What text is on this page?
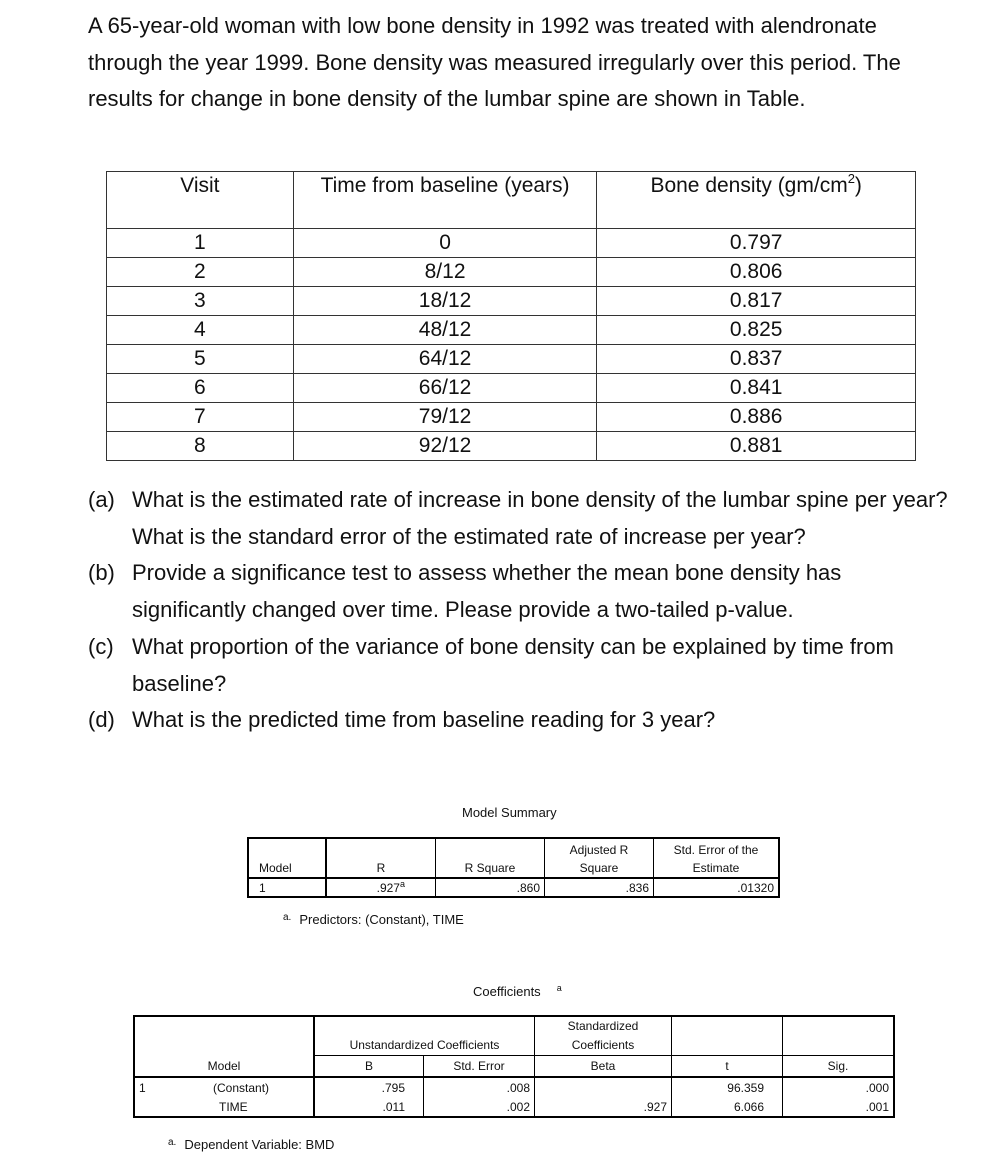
A 65-year-old woman with low bone density in 1992 was treated with alendronate through the year 1999. Bone density was measured irregularly over this period. The results for change in bone density of the lumbar spine are shown in Table.

Visit	Time from baseline (years)	Bone density $(gm/cm^2)$
1	0	0.797
2	8/12	0.806
3	18/12	0.817
4	48/12	0.825
5	64/12	0.837
6	66/12	0.841
7	79/12	0.886
8	92/12	0.881
(a) What is the estimated rate of increase in bone density of the lumbar spine per year? What is the standard error of the estimated rate of increase per year?
(b) Provide a significance test to assess whether the mean bone density has significantly changed over time. Please provide a two-tailed p-value.
(c) What proportion of the variance of bone density can be explained by time from baseline?
(d) What is the predicted time from baseline reading for 3 year?
Model Summary
Model	R	R Square	Adjusted R Square	Std. Error of the Estimate
1	.927$^a$	.860	.836	.01320
$^{a.}$ Predictors: (Constant), TIME
Coefficients $^a$
	Unstandardized Coefficients		Standardized Coefficients		
Model	B	Std. Error	Beta	t	Sig.
1 (Constant)	.795	.008		96.359	.000
TIME	.011	.002	.927	6.066	.001
$^{a.}$ Dependent Variable: BMD
